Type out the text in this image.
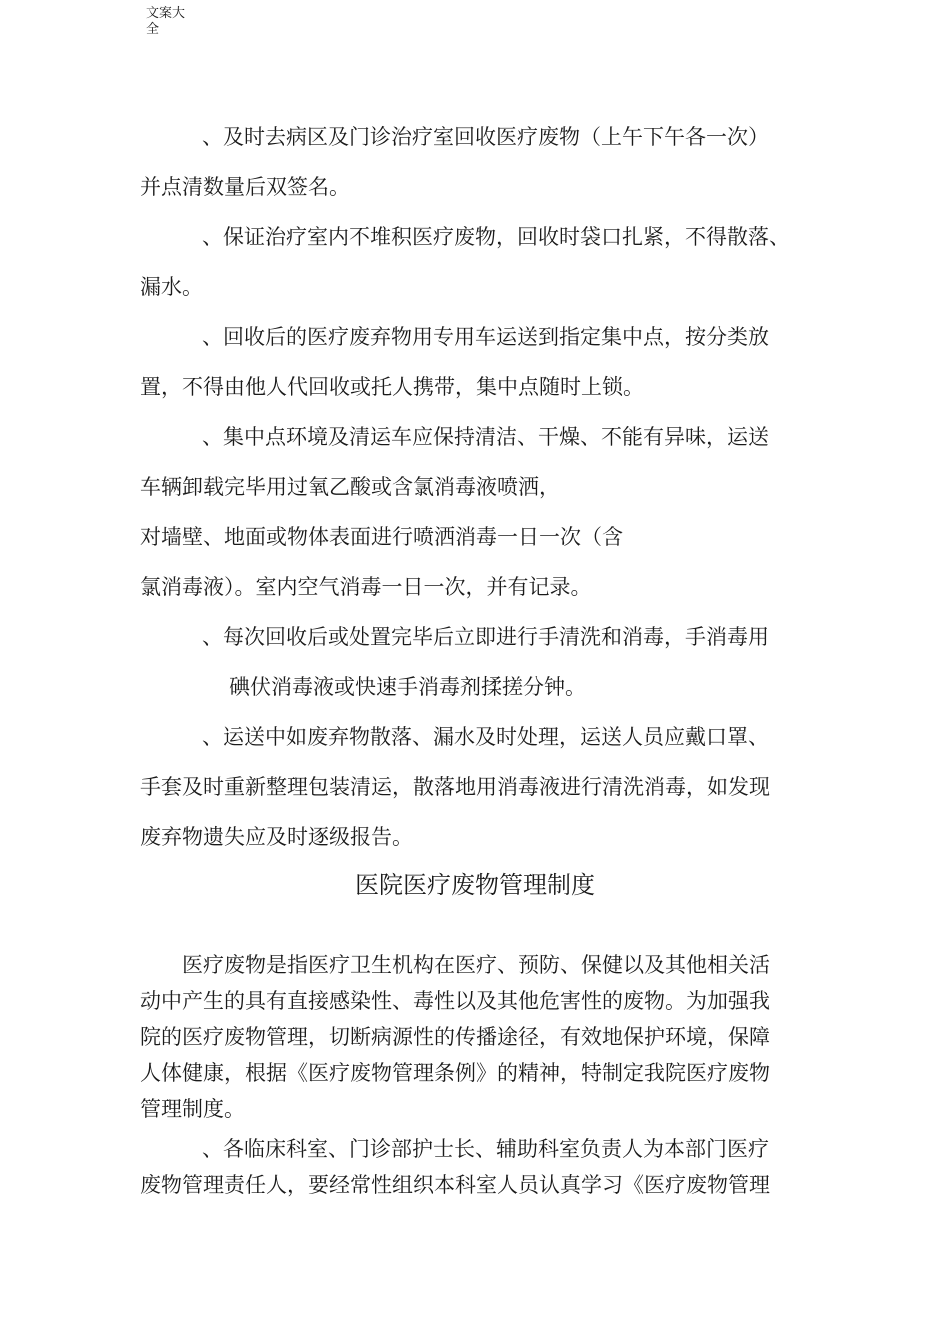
文案大
全
、及时去病区及门诊治疗室回收医疗废物（上午下午各一次）
并点清数量后双签名。
、保证治疗室内不堆积医疗废物，回收时袋口扎紧，不得散落、
漏水。
、回收后的医疗废弃物用专用车运送到指定集中点，按分类放
置，不得由他人代回收或托人携带，集中点随时上锁。
、集中点环境及清运车应保持清洁、干燥、不能有异味，运送
车辆卸载完毕用过氧乙酸或含氯消毒液喷洒，
对墙壁、地面或物体表面进行喷洒消毒一日一次（含
氯消毒液）。室内空气消毒一日一次，并有记录。
、每次回收后或处置完毕后立即进行手清洗和消毒，手消毒用
碘伏消毒液或快速手消毒剂揉搓分钟。
、运送中如废弃物散落、漏水及时处理，运送人员应戴口罩、
手套及时重新整理包装清运，散落地用消毒液进行清洗消毒，如发现
废弃物遗失应及时逐级报告。
医院医疗废物管理制度
医疗废物是指医疗卫生机构在医疗、预防、保健以及其他相关活
动中产生的具有直接感染性、毒性以及其他危害性的废物。为加强我
院的医疗废物管理，切断病源性的传播途径，有效地保护环境，保障
人体健康，根据《医疗废物管理条例》的精神，特制定我院医疗废物
管理制度。
、各临床科室、门诊部护士长、辅助科室负责人为本部门医疗
废物管理责任人，要经常性组织本科室人员认真学习《医疗废物管理
